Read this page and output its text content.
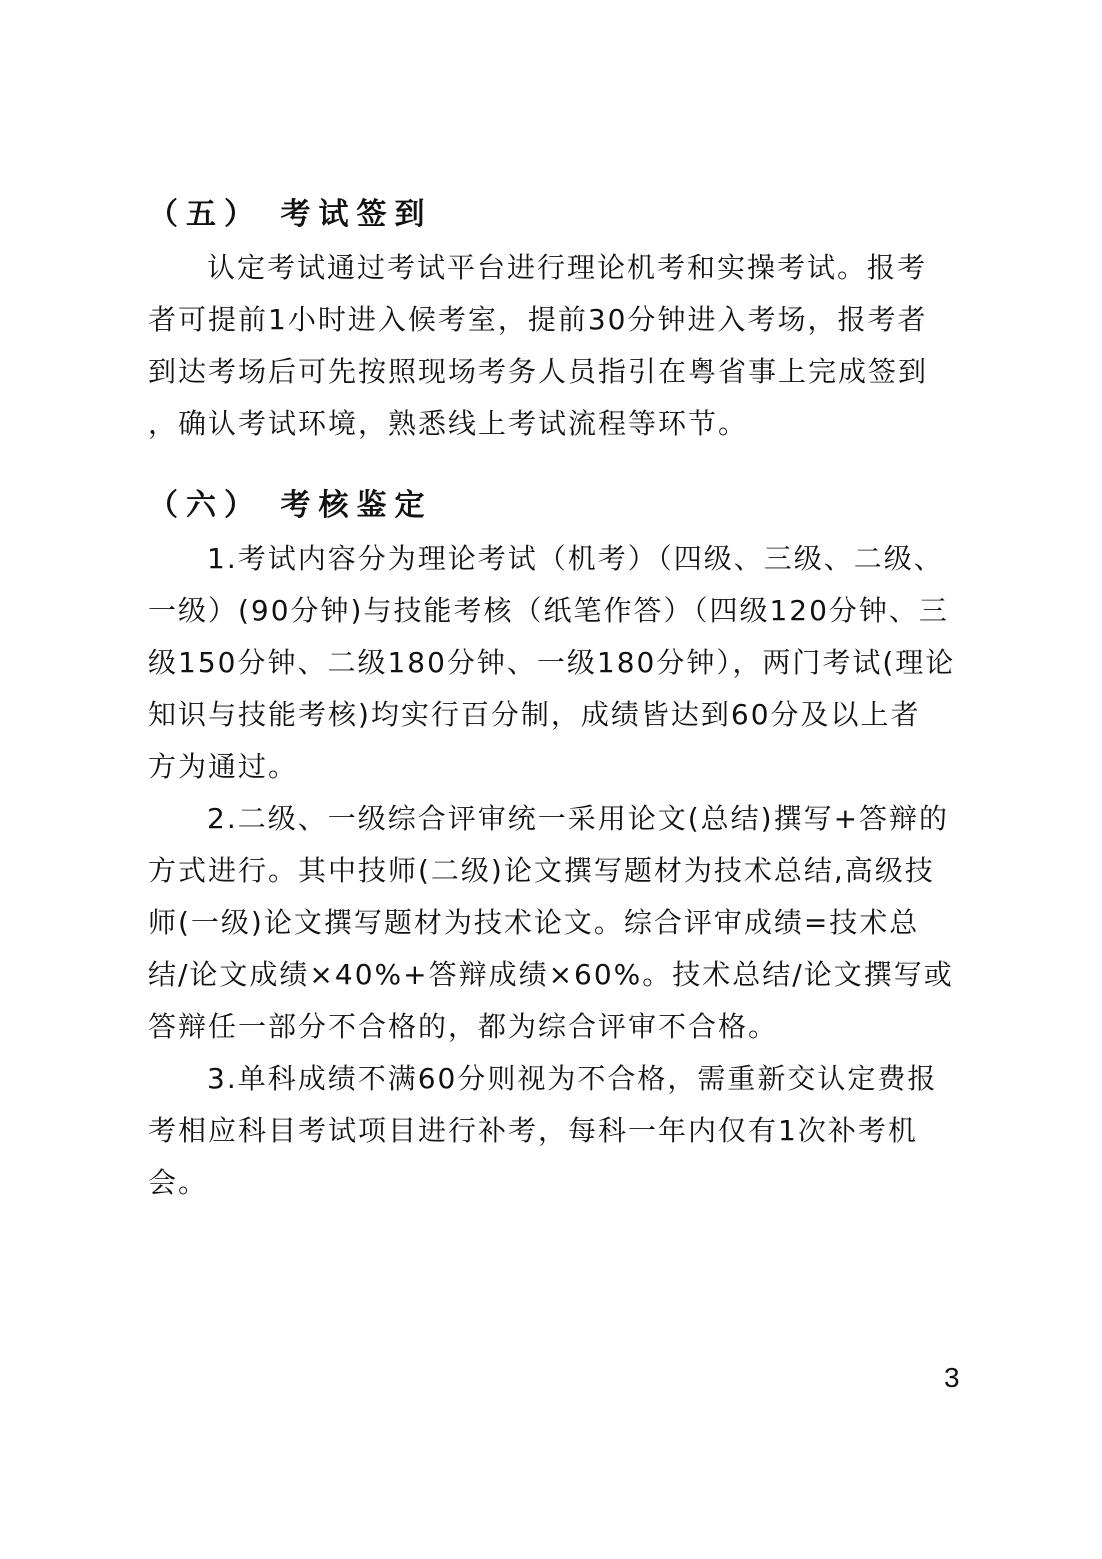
（五） 考试签到
认定考试通过考试平台进行理论机考和实操考试。报考
者可提前1小时进入候考室，提前30分钟进入考场，报考者
到达考场后可先按照现场考务人员指引在粤省事上完成签到
，确认考试环境，熟悉线上考试流程等环节。
（六） 考核鉴定
1.考试内容分为理论考试（机考）（四级、三级、二级、
一级）(90分钟)与技能考核（纸笔作答）（四级120分钟、三
级150分钟、二级180分钟、一级180分钟），两门考试(理论
知识与技能考核)均实行百分制，成绩皆达到60分及以上者
方为通过。
2.二级、一级综合评审统一采用论文(总结)撰写+答辩的
方式进行。其中技师(二级)论文撰写题材为技术总结,高级技
师(一级)论文撰写题材为技术论文。综合评审成绩=技术总
结/论文成绩×40%+答辩成绩×60%。技术总结/论文撰写或
答辩任一部分不合格的，都为综合评审不合格。
3.单科成绩不满60分则视为不合格，需重新交认定费报
考相应科目考试项目进行补考，每科一年内仅有1次补考机
会。
3
